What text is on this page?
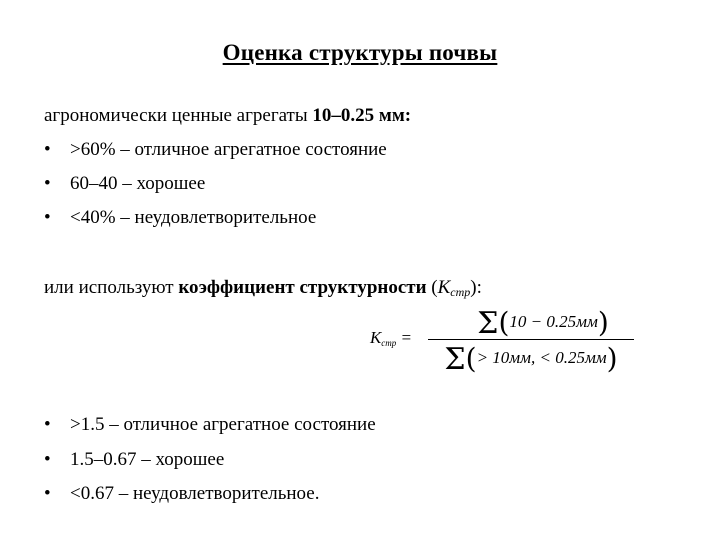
Оценка структуры почвы
агрономически ценные агрегаты 10–0.25 мм:
• >60% – отличное агрегатное состояние
• 60–40 – хорошее
• <40% – неудовлетворительное
или используют коэффициент структурности $(К_{стр})$:
Кстр =	Σ(10 − 0.25мм)
Σ(> 10мм, < 0.25мм)
• >1.5 – отличное агрегатное состояние
• 1.5–0.67 – хорошее
• <0.67 – неудовлетворительное.
